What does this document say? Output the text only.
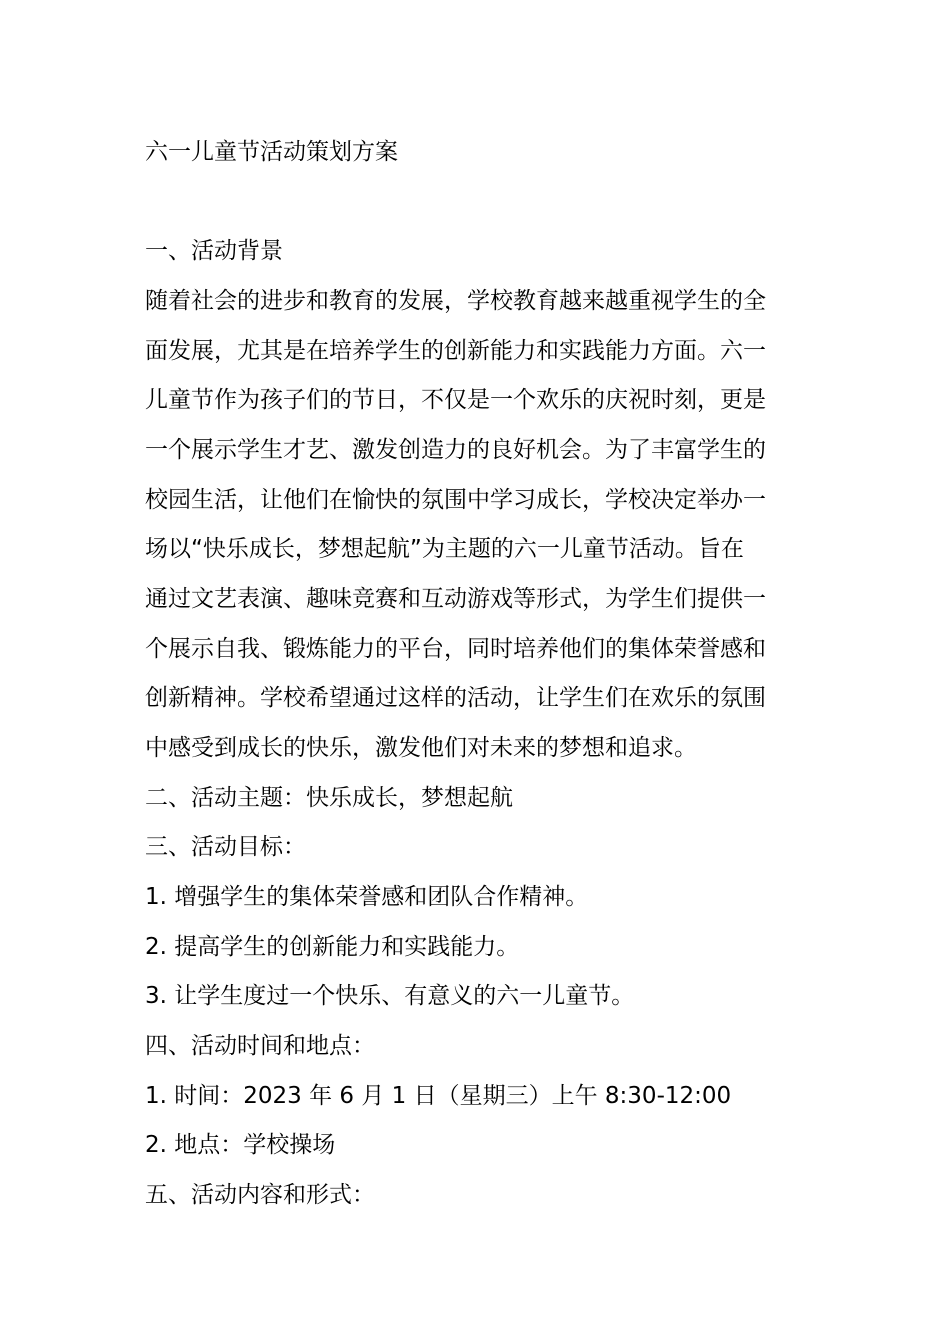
六一儿童节活动策划方案
一、活动背景
随着社会的进步和教育的发展，学校教育越来越重视学生的全
面发展，尤其是在培养学生的创新能力和实践能力方面。六一
儿童节作为孩子们的节日，不仅是一个欢乐的庆祝时刻，更是
一个展示学生才艺、激发创造力的良好机会。为了丰富学生的
校园生活，让他们在愉快的氛围中学习成长，学校决定举办一
场以“快乐成长，梦想起航”为主题的六一儿童节活动。旨在
通过文艺表演、趣味竞赛和互动游戏等形式，为学生们提供一
个展示自我、锻炼能力的平台，同时培养他们的集体荣誉感和
创新精神。学校希望通过这样的活动，让学生们在欢乐的氛围
中感受到成长的快乐，激发他们对未来的梦想和追求。
二、活动主题：快乐成长，梦想起航
三、活动目标：
1. 增强学生的集体荣誉感和团队合作精神。
2. 提高学生的创新能力和实践能力。
3. 让学生度过一个快乐、有意义的六一儿童节。
四、活动时间和地点：
1. 时间：2023 年 6 月 1 日（星期三）上午 8:30-12:00
2. 地点：学校操场
五、活动内容和形式：
